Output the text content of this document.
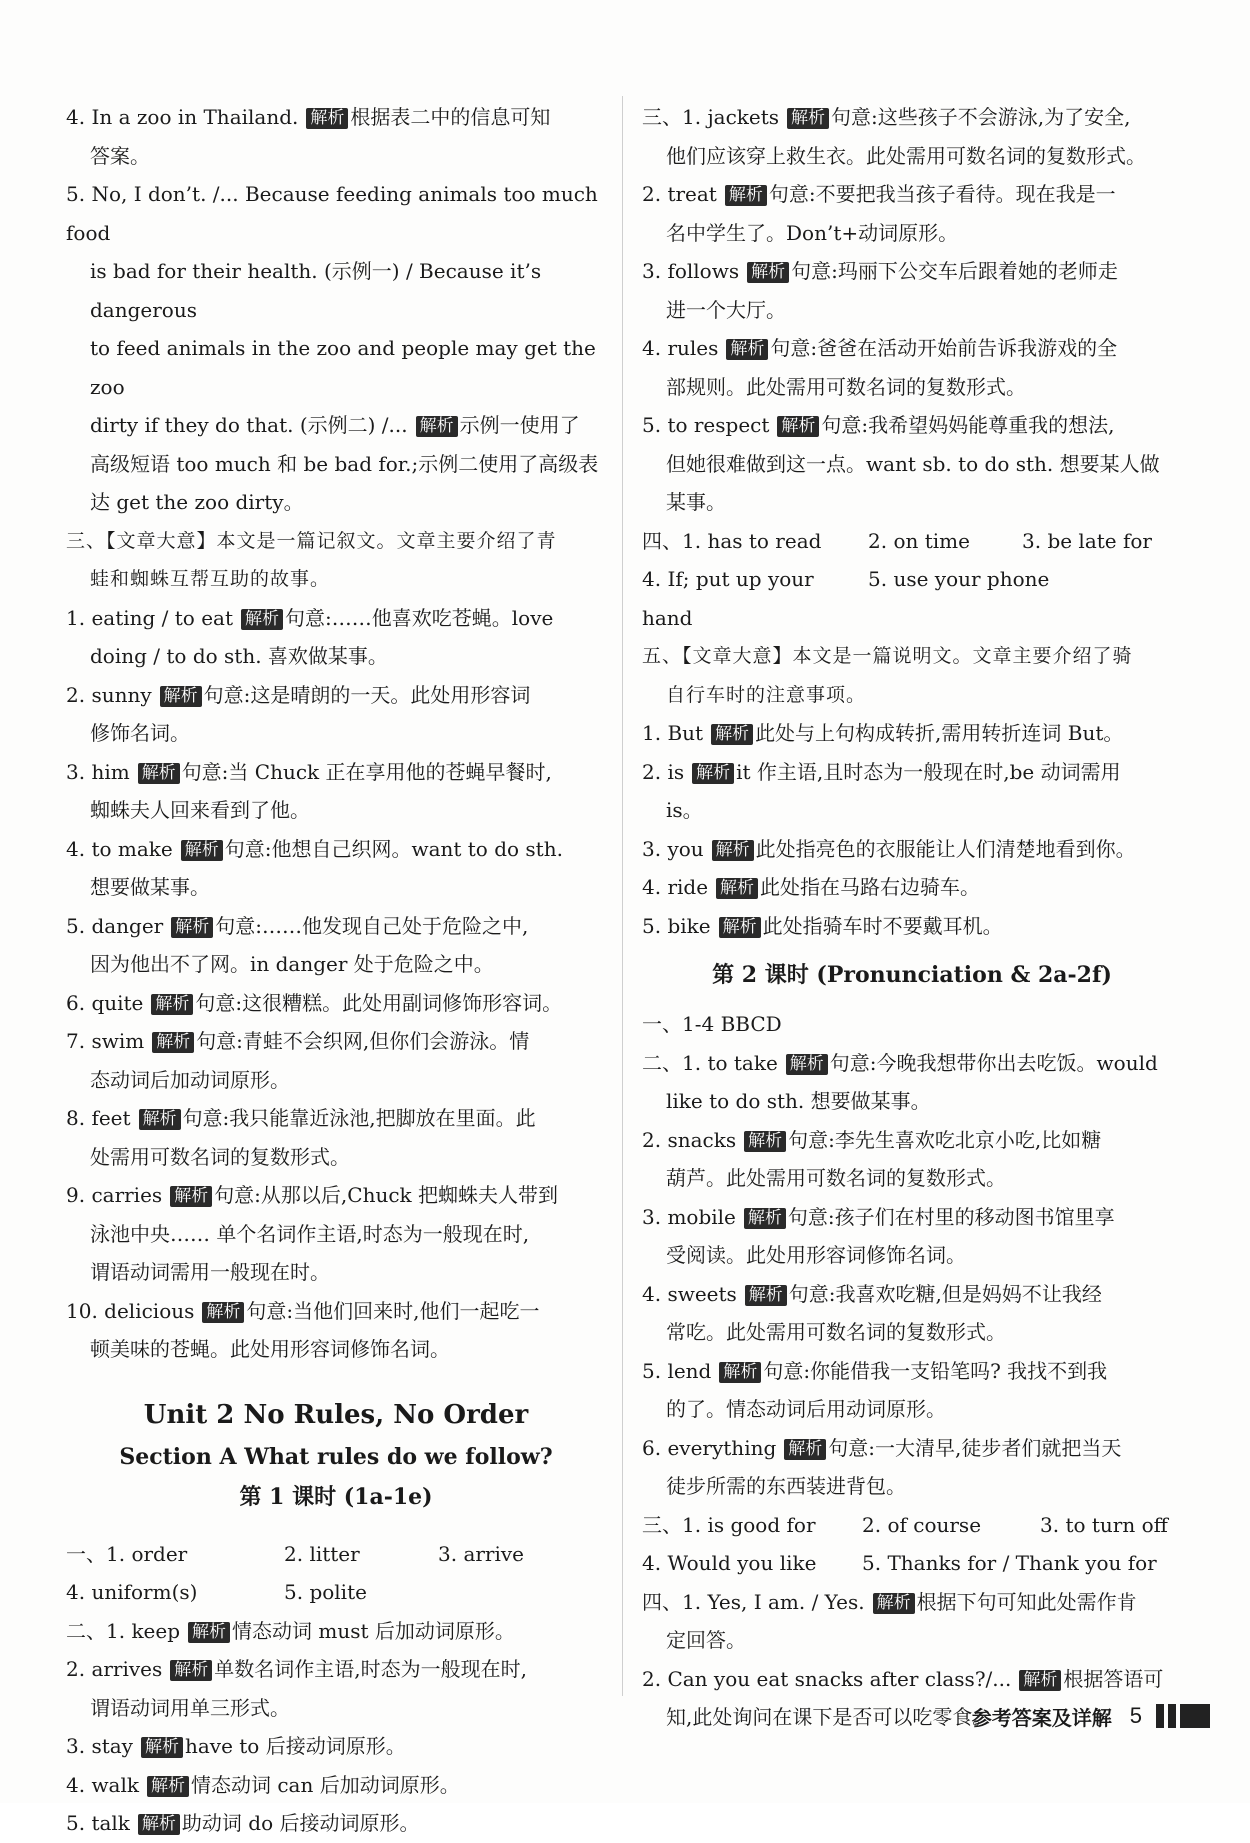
4. In a zoo in Thailand. 解析 根据表二中的信息可知

答案。

5. No, I don’t. /... Because feeding animals too much food

is bad for their health. (示例一) / Because it’s dangerous

to feed animals in the zoo and people may get the zoo

dirty if they do that. (示例二) /... 解析 示例一使用了

高级短语 too much 和 be bad for.;示例二使用了高级表

达 get the zoo dirty。

三、【文章大意】本文是一篇记叙文。文章主要介绍了青

蛙和蜘蛛互帮互助的故事。

1. eating / to eat 解析 句意:……他喜欢吃苍蝇。love

doing / to do sth. 喜欢做某事。

2. sunny 解析 句意:这是晴朗的一天。此处用形容词

修饰名词。

3. him 解析 句意:当 Chuck 正在享用他的苍蝇早餐时,

蜘蛛夫人回来看到了他。

4. to make 解析 句意:他想自己织网。want to do sth.

想要做某事。

5. danger 解析 句意:……他发现自己处于危险之中,

因为他出不了网。in danger 处于危险之中。

6. quite 解析 句意:这很糟糕。此处用副词修饰形容词。

7. swim 解析 句意:青蛙不会织网,但你们会游泳。情

态动词后加动词原形。

8. feet 解析 句意:我只能靠近泳池,把脚放在里面。此

处需用可数名词的复数形式。

9. carries 解析 句意:从那以后,Chuck 把蜘蛛夫人带到

泳池中央…… 单个名词作主语,时态为一般现在时,

谓语动词需用一般现在时。

10. delicious 解析 句意:当他们回来时,他们一起吃一

顿美味的苍蝇。此处用形容词修饰名词。

Unit 2 No Rules, No Order
Section A What rules do we follow?
第 1 课时 (1a-1e)
一、1. order	2. litter	3. arrive
4. uniform(s)	5. polite

二、1. keep 解析 情态动词 must 后加动词原形。

2. arrives 解析 单数名词作主语,时态为一般现在时,

谓语动词用单三形式。

3. stay 解析 have to 后接动词原形。

4. walk 解析 情态动词 can 后加动词原形。

5. talk 解析 助动词 do 后接动词原形。

三、1. jackets 解析 句意:这些孩子不会游泳,为了安全,

他们应该穿上救生衣。此处需用可数名词的复数形式。

2. treat 解析 句意:不要把我当孩子看待。现在我是一

名中学生了。Don’t+动词原形。

3. follows 解析 句意:玛丽下公交车后跟着她的老师走

进一个大厅。

4. rules 解析 句意:爸爸在活动开始前告诉我游戏的全

部规则。此处需用可数名词的复数形式。

5. to respect 解析 句意:我希望妈妈能尊重我的想法,

但她很难做到这一点。want sb. to do sth. 想要某人做

某事。

四、1. has to read	2. on time	3. be late for
4. If; put up your hand
5. use your phone

五、【文章大意】本文是一篇说明文。文章主要介绍了骑

自行车时的注意事项。

1. But 解析 此处与上句构成转折,需用转折连词 But。

2. is 解析 it 作主语,且时态为一般现在时,be 动词需用

is。

3. you 解析 此处指亮色的衣服能让人们清楚地看到你。

4. ride 解析 此处指在马路右边骑车。

5. bike 解析 此处指骑车时不要戴耳机。

第 2 课时 (Pronunciation & 2a-2f)

一、1-4 BBCD

二、1. to take 解析 句意:今晚我想带你出去吃饭。would

like to do sth. 想要做某事。

2. snacks 解析 句意:李先生喜欢吃北京小吃,比如糖

葫芦。此处需用可数名词的复数形式。

3. mobile 解析 句意:孩子们在村里的移动图书馆里享

受阅读。此处用形容词修饰名词。

4. sweets 解析 句意:我喜欢吃糖,但是妈妈不让我经

常吃。此处需用可数名词的复数形式。

5. lend 解析 句意:你能借我一支铅笔吗? 我找不到我

的了。情态动词后用动词原形。

6. everything 解析 句意:一大清早,徒步者们就把当天

徒步所需的东西装进背包。

三、1. is good for	2. of course	3. to turn off
4. Would you like	5. Thanks for / Thank you for

四、1. Yes, I am. / Yes. 解析 根据下句可知此处需作肯

定回答。

2. Can you eat snacks after class?/... 解析 根据答语可

知,此处询问在课下是否可以吃零食。

参考答案及详解 5
